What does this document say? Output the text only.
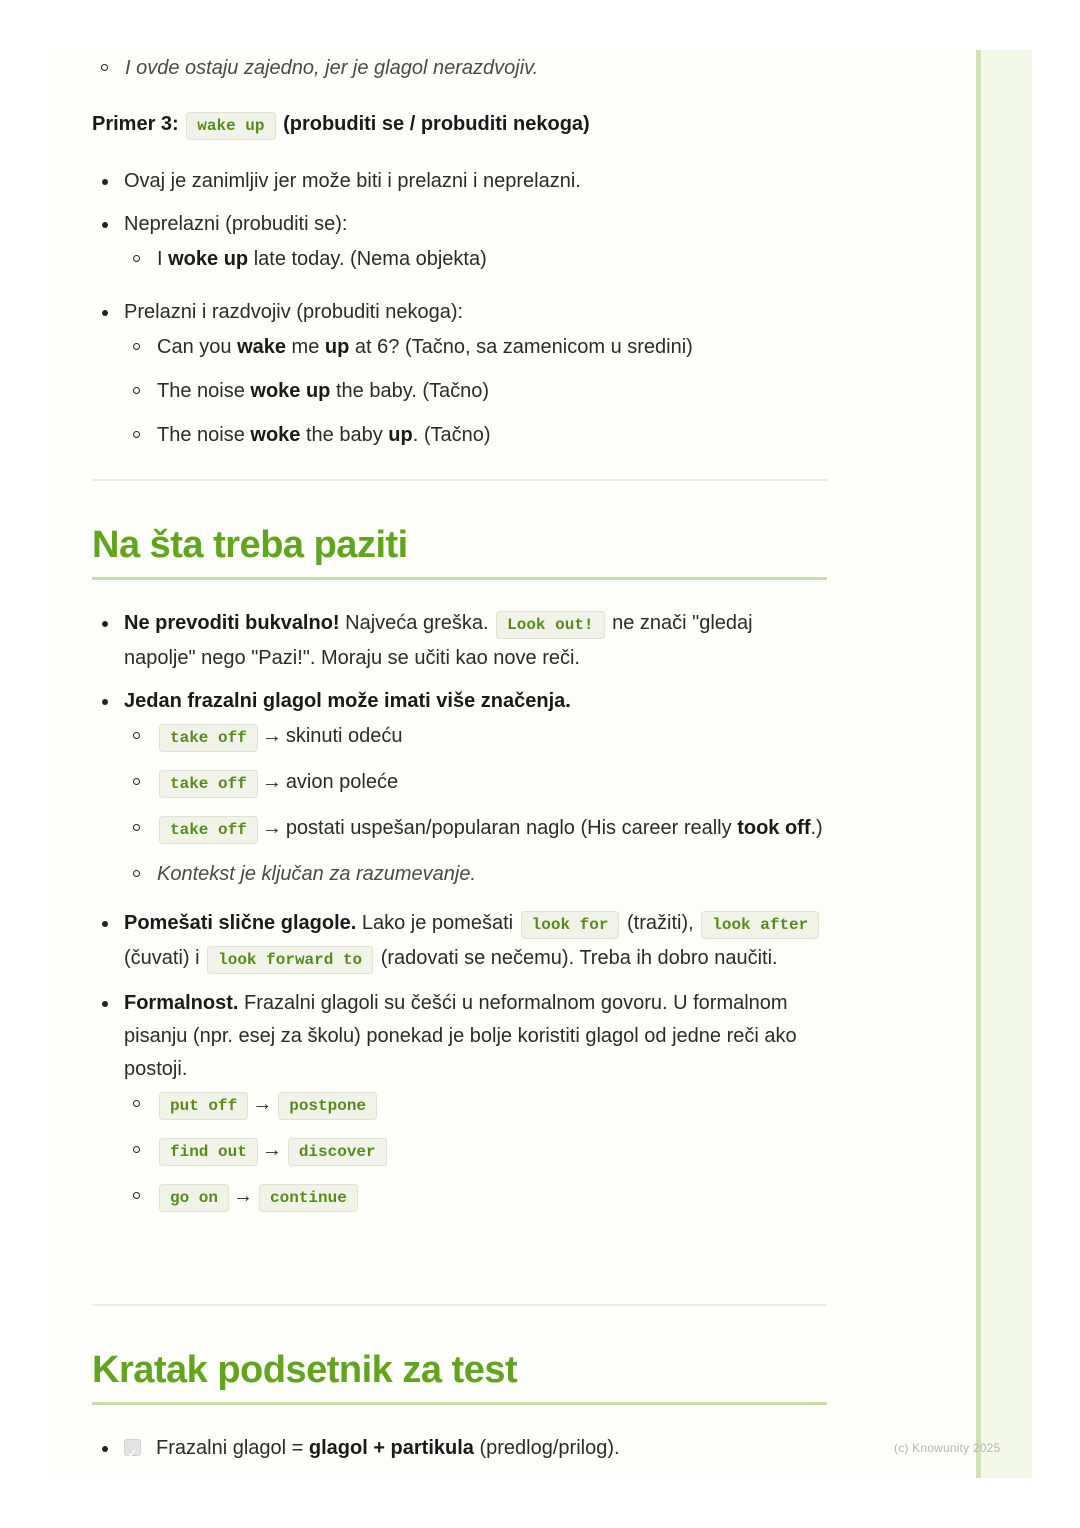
I ovde ostaju zajedno, jer je glagol nerazdvojiv.

Primer 3: wake up (probuditi se / probuditi nekoga)

Ovaj je zanimljiv jer može biti i prelazni i neprelazni.
Neprelazni (probuditi se):
I woke up late today. (Nema objekta)
Prelazni i razdvojiv (probuditi nekoga):
Can you wake me up at 6? (Tačno, sa zamenicom u sredini)
The noise woke up the baby. (Tačno)
The noise woke the baby up. (Tačno)
Na šta treba paziti
Ne prevoditi bukvalno! Najveća greška. Look out! ne znači "gledaj napolje" nego "Pazi!". Moraju se učiti kao nove reči.
Jedan frazalni glagol može imati više značenja.
take off → skinuti odeću
take off → avion poleće
take off → postati uspešan/popularan naglo (His career really took off.)
Kontekst je ključan za razumevanje.
Pomešati slične glagole. Lako je pomešati look for (tražiti), look after (čuvati) i look forward to (radovati se nečemu). Treba ih dobro naučiti.
Formalnost. Frazalni glagoli su češći u neformalnom govoru. U formalnom pisanju (npr. esej za školu) ponekad je bolje koristiti glagol od jedne reči ako postoji.
put off → postpone
find out → discover
go on → continue
Kratak podsetnik za test
✓Frazalni glagol = glagol + partikula (predlog/prilog).	(c) Knowunity 2025
